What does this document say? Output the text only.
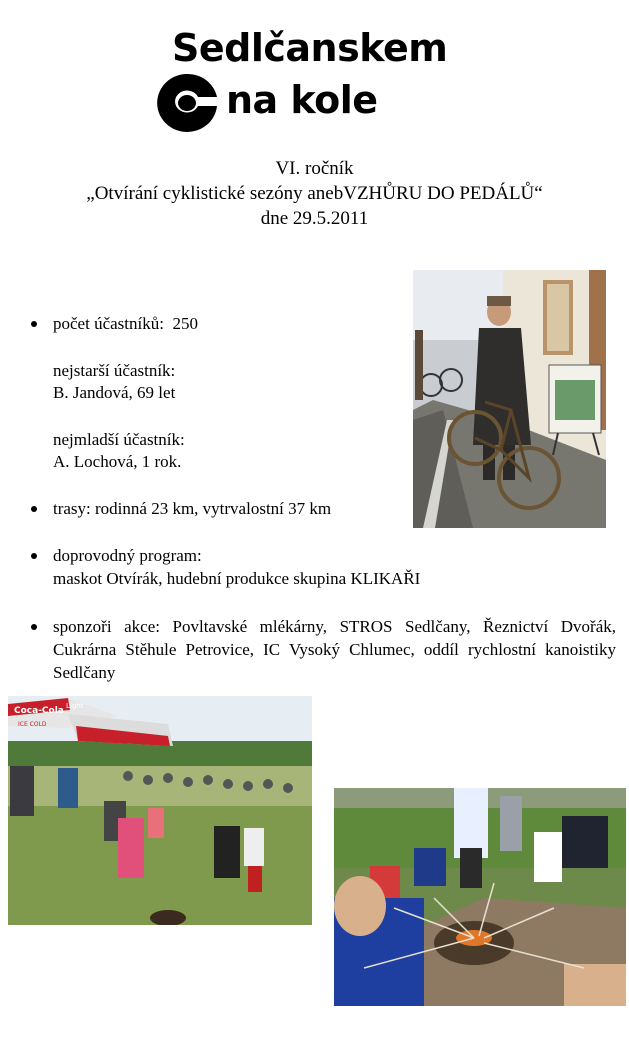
Sedlčanskem
na kole
VI. ročník
„Otvírání cyklistické sezóny anebVZHŮRU DO PEDÁLŮ“
dne 29.5.2011
počet účastníků: 250
nejstarší účastník:
B. Jandová, 69 let
nejmladší účastník:
A. Lochová, 1 rok.
trasy: rodinná 23 km, vytrvalostní 37 km
doprovodný program:
maskot Otvírák, hudební produkce skupina KLIKAŘI
sponzoři akce: Povltavské mlékárny, STROS Sedlčany, Řeznictví Dvořák, Cukrárna Stěhule Petrovice, IC Vysoký Chlumec, oddíl rychlostní kanoistiky Sedlčany
Coca-Cola
ICE COLD
Light
